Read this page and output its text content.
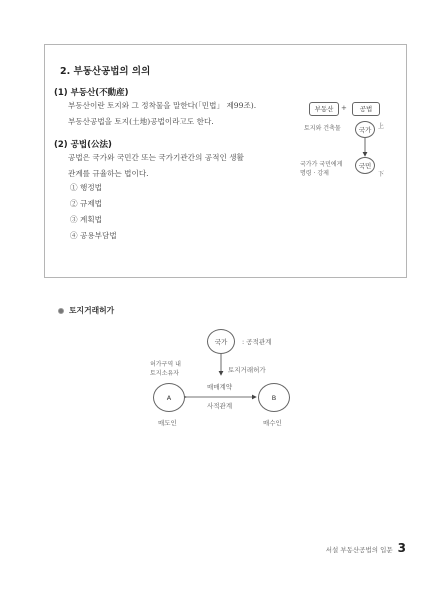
2. 부동산공법의 의의
(1) 부동산(不動産)
부동산이란 토지와 그 정착물을 말한다(「민법」 제99조).
부동산공법을 토지(土地)공법이라고도 한다.
(2) 공법(公法)
공법은 국가와 국민간 또는 국가기관간의 공적인 생활
관계를 규율하는 법이다.
① 행정법
② 규제법
③ 계획법
④ 공용부담법
부동산	+	공법
토지와 건축물	국가	上
국가가 국민에게
명령 · 강제
국민
下
토지거래허가
국가	: 공적관계
토지거래허가
허가구역 내
토지소유자
매매계약
A	B
사적관계
매도인	매수인
서설 부동산공법의 입문 3
